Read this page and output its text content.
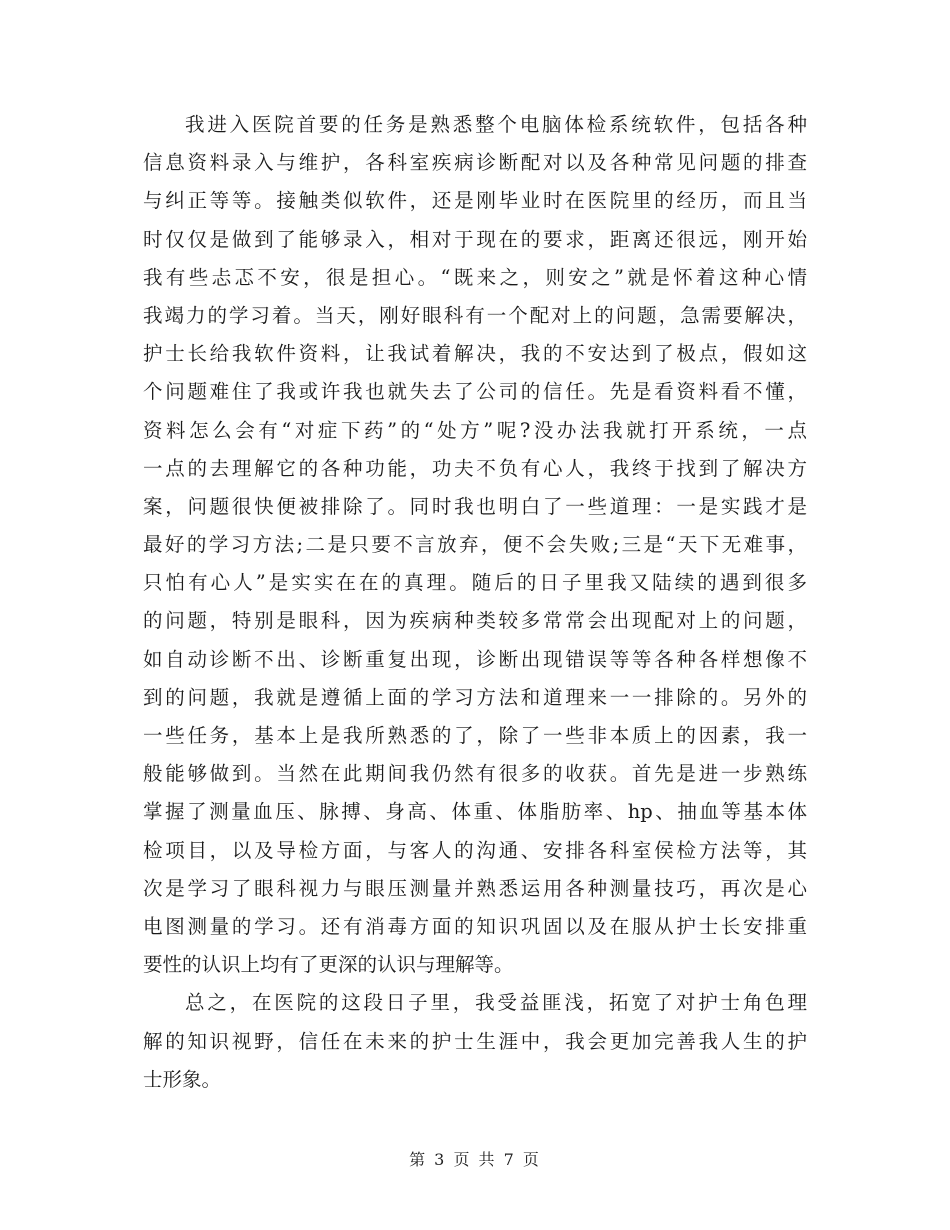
我进入医院首要的任务是熟悉整个电脑体检系统软件，包括各种
信息资料录入与维护，各科室疾病诊断配对以及各种常见问题的排查
与纠正等等。接触类似软件，还是刚毕业时在医院里的经历，而且当
时仅仅是做到了能够录入，相对于现在的要求，距离还很远，刚开始
我有些忐忑不安，很是担心。“既来之，则安之”就是怀着这种心情
我竭力的学习着。当天，刚好眼科有一个配对上的问题，急需要解决，
护士长给我软件资料，让我试着解决，我的不安达到了极点，假如这
个问题难住了我或许我也就失去了公司的信任。先是看资料看不懂，
资料怎么会有“对症下药”的“处方”呢?没办法我就打开系统，一点
一点的去理解它的各种功能，功夫不负有心人，我终于找到了解决方
案，问题很快便被排除了。同时我也明白了一些道理：一是实践才是
最好的学习方法;二是只要不言放弃，便不会失败;三是“天下无难事，
只怕有心人”是实实在在的真理。随后的日子里我又陆续的遇到很多
的问题，特别是眼科，因为疾病种类较多常常会出现配对上的问题，
如自动诊断不出、诊断重复出现，诊断出现错误等等各种各样想像不
到的问题，我就是遵循上面的学习方法和道理来一一排除的。另外的
一些任务，基本上是我所熟悉的了，除了一些非本质上的因素，我一
般能够做到。当然在此期间我仍然有很多的收获。首先是进一步熟练
掌握了测量血压、脉搏、身高、体重、体脂肪率、hp、抽血等基本体
检项目，以及导检方面，与客人的沟通、安排各科室侯检方法等，其
次是学习了眼科视力与眼压测量并熟悉运用各种测量技巧，再次是心
电图测量的学习。还有消毒方面的知识巩固以及在服从护士长安排重
要性的认识上均有了更深的认识与理解等。
总之，在医院的这段日子里，我受益匪浅，拓宽了对护士角色理
解的知识视野，信任在未来的护士生涯中，我会更加完善我人生的护
士形象。
第 3 页 共 7 页
